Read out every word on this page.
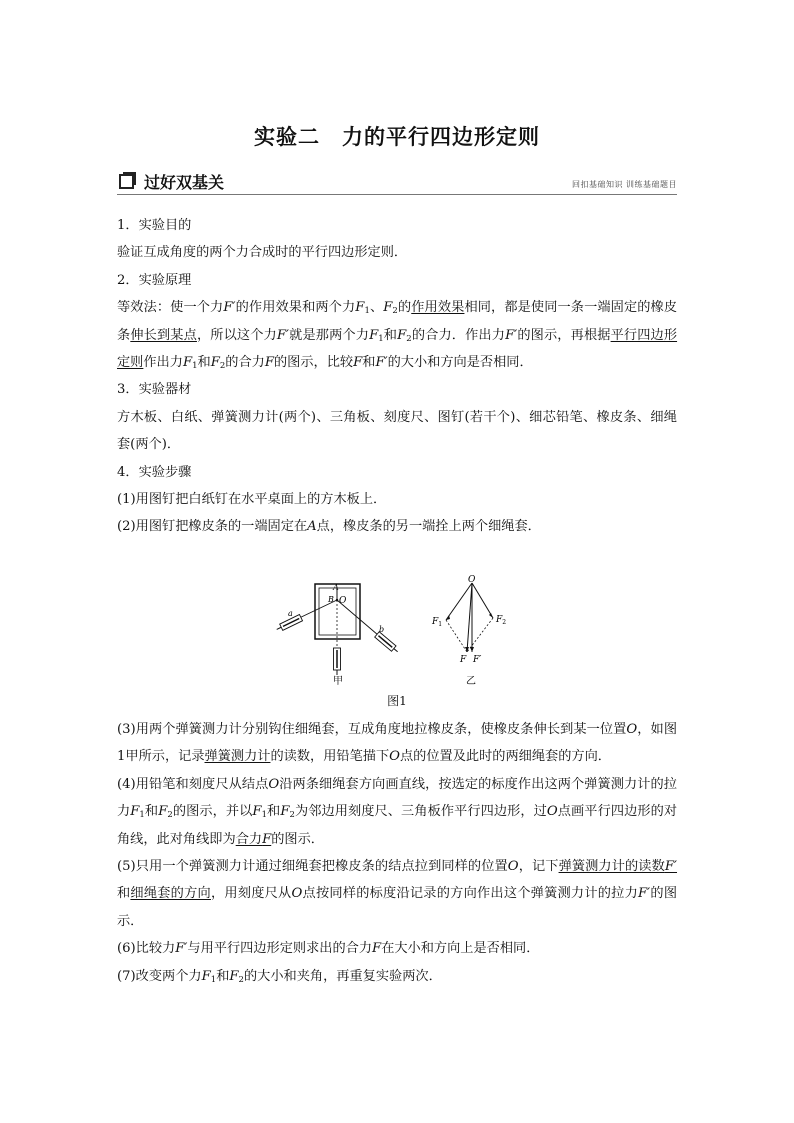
实验二　力的平行四边形定则
过好双基关	回扣基础知识 训练基础题目

1．实验目的

验证互成角度的两个力合成时的平行四边形定则．

2．实验原理

等效法：使一个力F′的作用效果和两个力$F_1$、$F_2$的作用效果相同，都是使同一条一端固定的橡皮条伸长到某点，所以这个力F′就是那两个力$F_1$和$F_2$的合力．作出力F′的图示，再根据平行四边形定则作出力$F_1$和$F_2$的合力F的图示，比较F和F′的大小和方向是否相同．

3．实验器材

方木板、白纸、弹簧测力计(两个)、三角板、刻度尺、图钉(若干个)、细芯铅笔、橡皮条、细绳套(两个)．

4．实验步骤

(1)用图钉把白纸钉在水平桌面上的方木板上．

(2)用图钉把橡皮条的一端固定在A点，橡皮条的另一端拴上两个细绳套．

A
B O
a
b
甲
O
$F_1$	$F_2$
F F′
乙
图1

(3)用两个弹簧测力计分别钩住细绳套，互成角度地拉橡皮条，使橡皮条伸长到某一位置O，如图1甲所示，记录弹簧测力计的读数，用铅笔描下O点的位置及此时的两细绳套的方向．

(4)用铅笔和刻度尺从结点O沿两条细绳套方向画直线，按选定的标度作出这两个弹簧测力计的拉力$F_1$和$F_2$的图示，并以$F_1$和$F_2$为邻边用刻度尺、三角板作平行四边形，过O点画平行四边形的对角线，此对角线即为合力F的图示．

(5)只用一个弹簧测力计通过细绳套把橡皮条的结点拉到同样的位置O，记下弹簧测力计的读数F′和细绳套的方向，用刻度尺从O点按同样的标度沿记录的方向作出这个弹簧测力计的拉力F′的图示．

(6)比较力F′与用平行四边形定则求出的合力F在大小和方向上是否相同．

(7)改变两个力$F_1$和$F_2$的大小和夹角，再重复实验两次．
